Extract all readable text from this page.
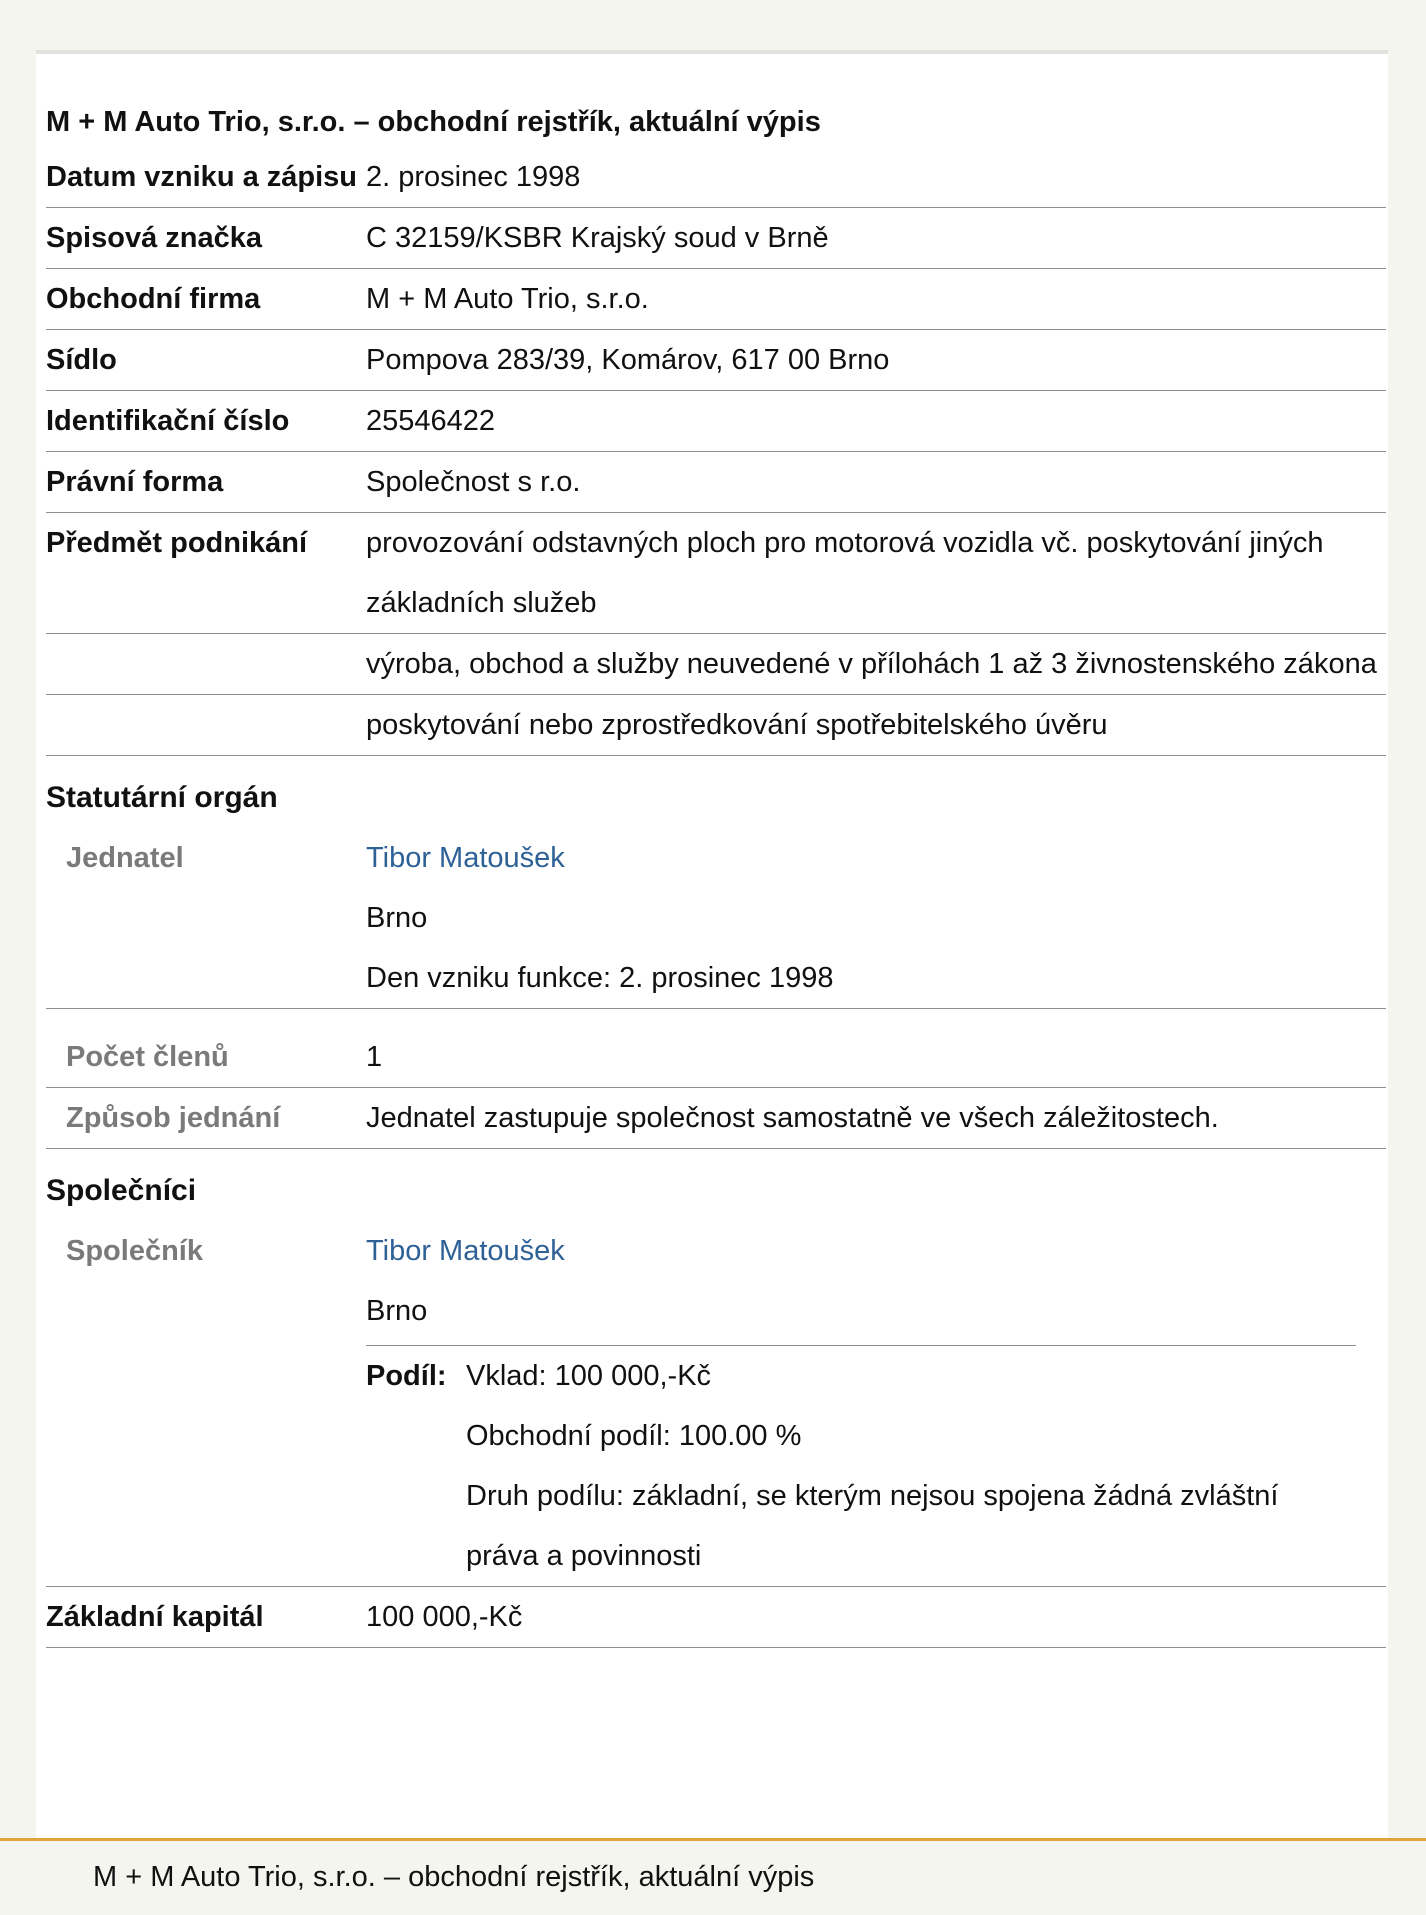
M + M Auto Trio, s.r.o. – obchodní rejstřík, aktuální výpis
Datum vzniku a zápisu 2. prosinec 1998
Spisová značka	C 32159/KSBR Krajský soud v Brně
Obchodní firma	M + M Auto Trio, s.r.o.
Sídlo	Pompova 283/39, Komárov, 617 00 Brno
Identifikační číslo	25546422
Právní forma	Společnost s r.o.
Předmět podnikání	provozování odstavných ploch pro motorová vozidla vč. poskytování jiných základních služeb
výroba, obchod a služby neuvedené v přílohách 1 až 3 živnostenského zákona
poskytování nebo zprostředkování spotřebitelského úvěru
Statutární orgán
Jednatel	Tibor Matoušek
Brno
Den vzniku funkce: 2. prosinec 1998
Počet členů	1
Způsob jednání	Jednatel zastupuje společnost samostatně ve všech záležitostech.
Společníci
Společník	Tibor Matoušek
Brno
Podíl: Vklad: 100 000,-Kč
Obchodní podíl: 100.00 %
Druh podílu: základní, se kterým nejsou spojena žádná zvláštní práva a povinnosti
Základní kapitál	100 000,-Kč
M + M Auto Trio, s.r.o. – obchodní rejstřík, aktuální výpis
